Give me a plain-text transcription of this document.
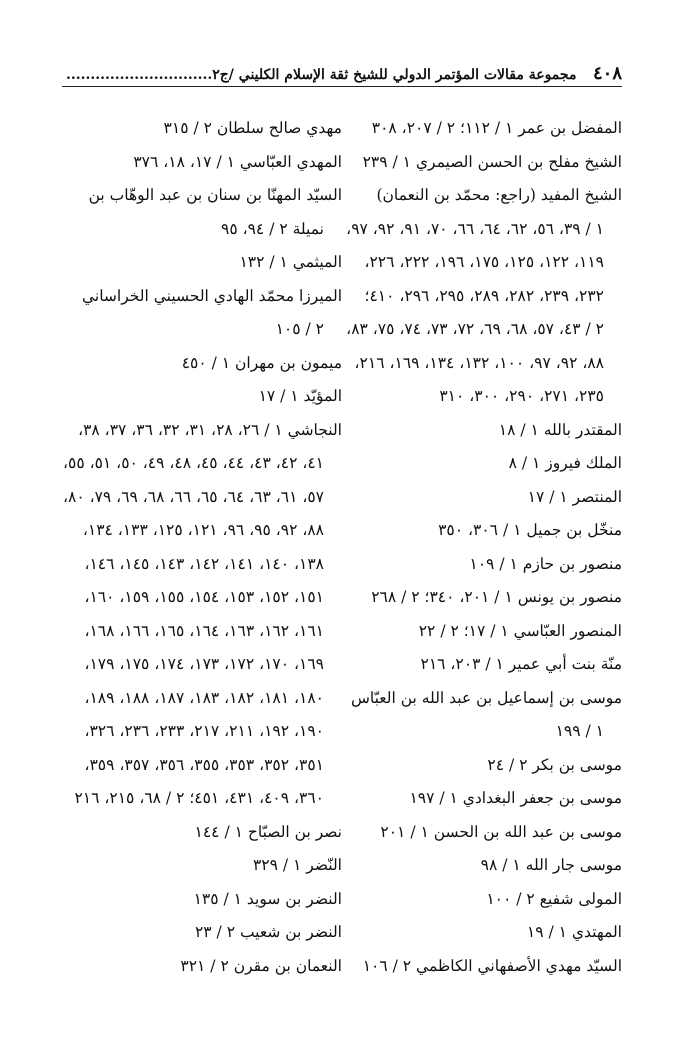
٤٠٨
مجموعة مقالات المؤتمر الدولي للشيخ ثقة الإسلام الكليني /ج٢..............................
المفضل بن عمر ١ / ١١٢؛ ٢ / ٢٠٧، ٣٠٨
الشيخ مفلح بن الحسن الصيمري ١ / ٢٣٩
الشيخ المفيد (راجع: محمّد بن النعمان)
١ / ٣٩، ٥٦، ٦٢، ٦٤، ٦٦، ٧٠، ٩١، ٩٢، ٩٧،
١١٩، ١٢٢، ١٢٥، ١٧٥، ١٩٦، ٢٢٢، ٢٢٦،
٢٣٢، ٢٣٩، ٢٨٢، ٢٨٩، ٢٩٥، ٢٩٦، ٤١٠؛
٢ / ٤٣، ٥٧، ٦٨، ٦٩، ٧٢، ٧٣، ٧٤، ٧٥، ٨٣،
٨٨، ٩٢، ٩٧، ١٠٠، ١٣٢، ١٣٤، ١٦٩، ٢١٦،
٢٣٥، ٢٧١، ٢٩٠، ٣٠٠، ٣١٠
المقتدر بالله ١ / ١٨
الملك فيروز ١ / ٨
المنتصر ١ / ١٧
منخّل بن جميل ١ / ٣٠٦، ٣٥٠
منصور بن حازم ١ / ١٠٩
منصور بن يونس ١ / ٢٠١، ٣٤٠؛ ٢ / ٢٦٨
المنصور العبّاسي ١ / ١٧؛ ٢ / ٢٢
منّة بنت أبي عمير ١ / ٢٠٣، ٢١٦
موسى بن إسماعيل بن عبد الله بن العبّاس
١ / ١٩٩
موسى بن بكر ٢ / ٢٤
موسى بن جعفر البغدادي ١ / ١٩٧
موسى بن عبد الله بن الحسن ١ / ٢٠١
موسى جار الله ١ / ٩٨
المولى شفيع ٢ / ١٠٠
المهتدي ١ / ١٩
السيّد مهدي الأصفهاني الكاظمي ٢ / ١٠٦
مهدي صالح سلطان ٢ / ٣١٥
المهدي العبّاسي ١ / ١٧، ١٨، ٣٧٦
السيّد المهنّا بن سنان بن عبد الوهّاب بن
نميلة ٢ / ٩٤، ٩٥
الميثمي ١ / ١٣٢
الميرزا محمّد الهادي الحسيني الخراساني
٢ / ١٠٥
ميمون بن مهران ١ / ٤٥٠
المؤيّد ١ / ١٧
النجاشي ١ / ٢٦، ٢٨، ٣١، ٣٢، ٣٦، ٣٧، ٣٨،
٤١، ٤٢، ٤٣، ٤٤، ٤٥، ٤٨، ٤٩، ٥٠، ٥١، ٥٥،
٥٧، ٦١، ٦٣، ٦٤، ٦٥، ٦٦، ٦٨، ٦٩، ٧٩، ٨٠،
٨٨، ٩٢، ٩٥، ٩٦، ١٢١، ١٢٥، ١٣٣، ١٣٤،
١٣٨، ١٤٠، ١٤١، ١٤٢، ١٤٣، ١٤٥، ١٤٦،
١٥١، ١٥٢، ١٥٣، ١٥٤، ١٥٥، ١٥٩، ١٦٠،
١٦١، ١٦٢، ١٦٣، ١٦٤، ١٦٥، ١٦٦، ١٦٨،
١٦٩، ١٧٠، ١٧٢، ١٧٣، ١٧٤، ١٧٥، ١٧٩،
١٨٠، ١٨١، ١٨٢، ١٨٣، ١٨٧، ١٨٨، ١٨٩،
١٩٠، ١٩٢، ٢١١، ٢١٧، ٢٣٣، ٢٣٦، ٣٢٦،
٣٥١، ٣٥٢، ٣٥٣، ٣٥٥، ٣٥٦، ٣٥٧، ٣٥٩،
٣٦٠، ٤٠٩، ٤٣١، ٤٥١؛ ٢ / ٦٨، ٢١٥، ٢١٦
نصر بن الصبّاح ١ / ١٤٤
النّضر ١ / ٣٢٩
النضر بن سويد ١ / ١٣٥
النضر بن شعيب ٢ / ٢٣
النعمان بن مقرن ٢ / ٣٢١
